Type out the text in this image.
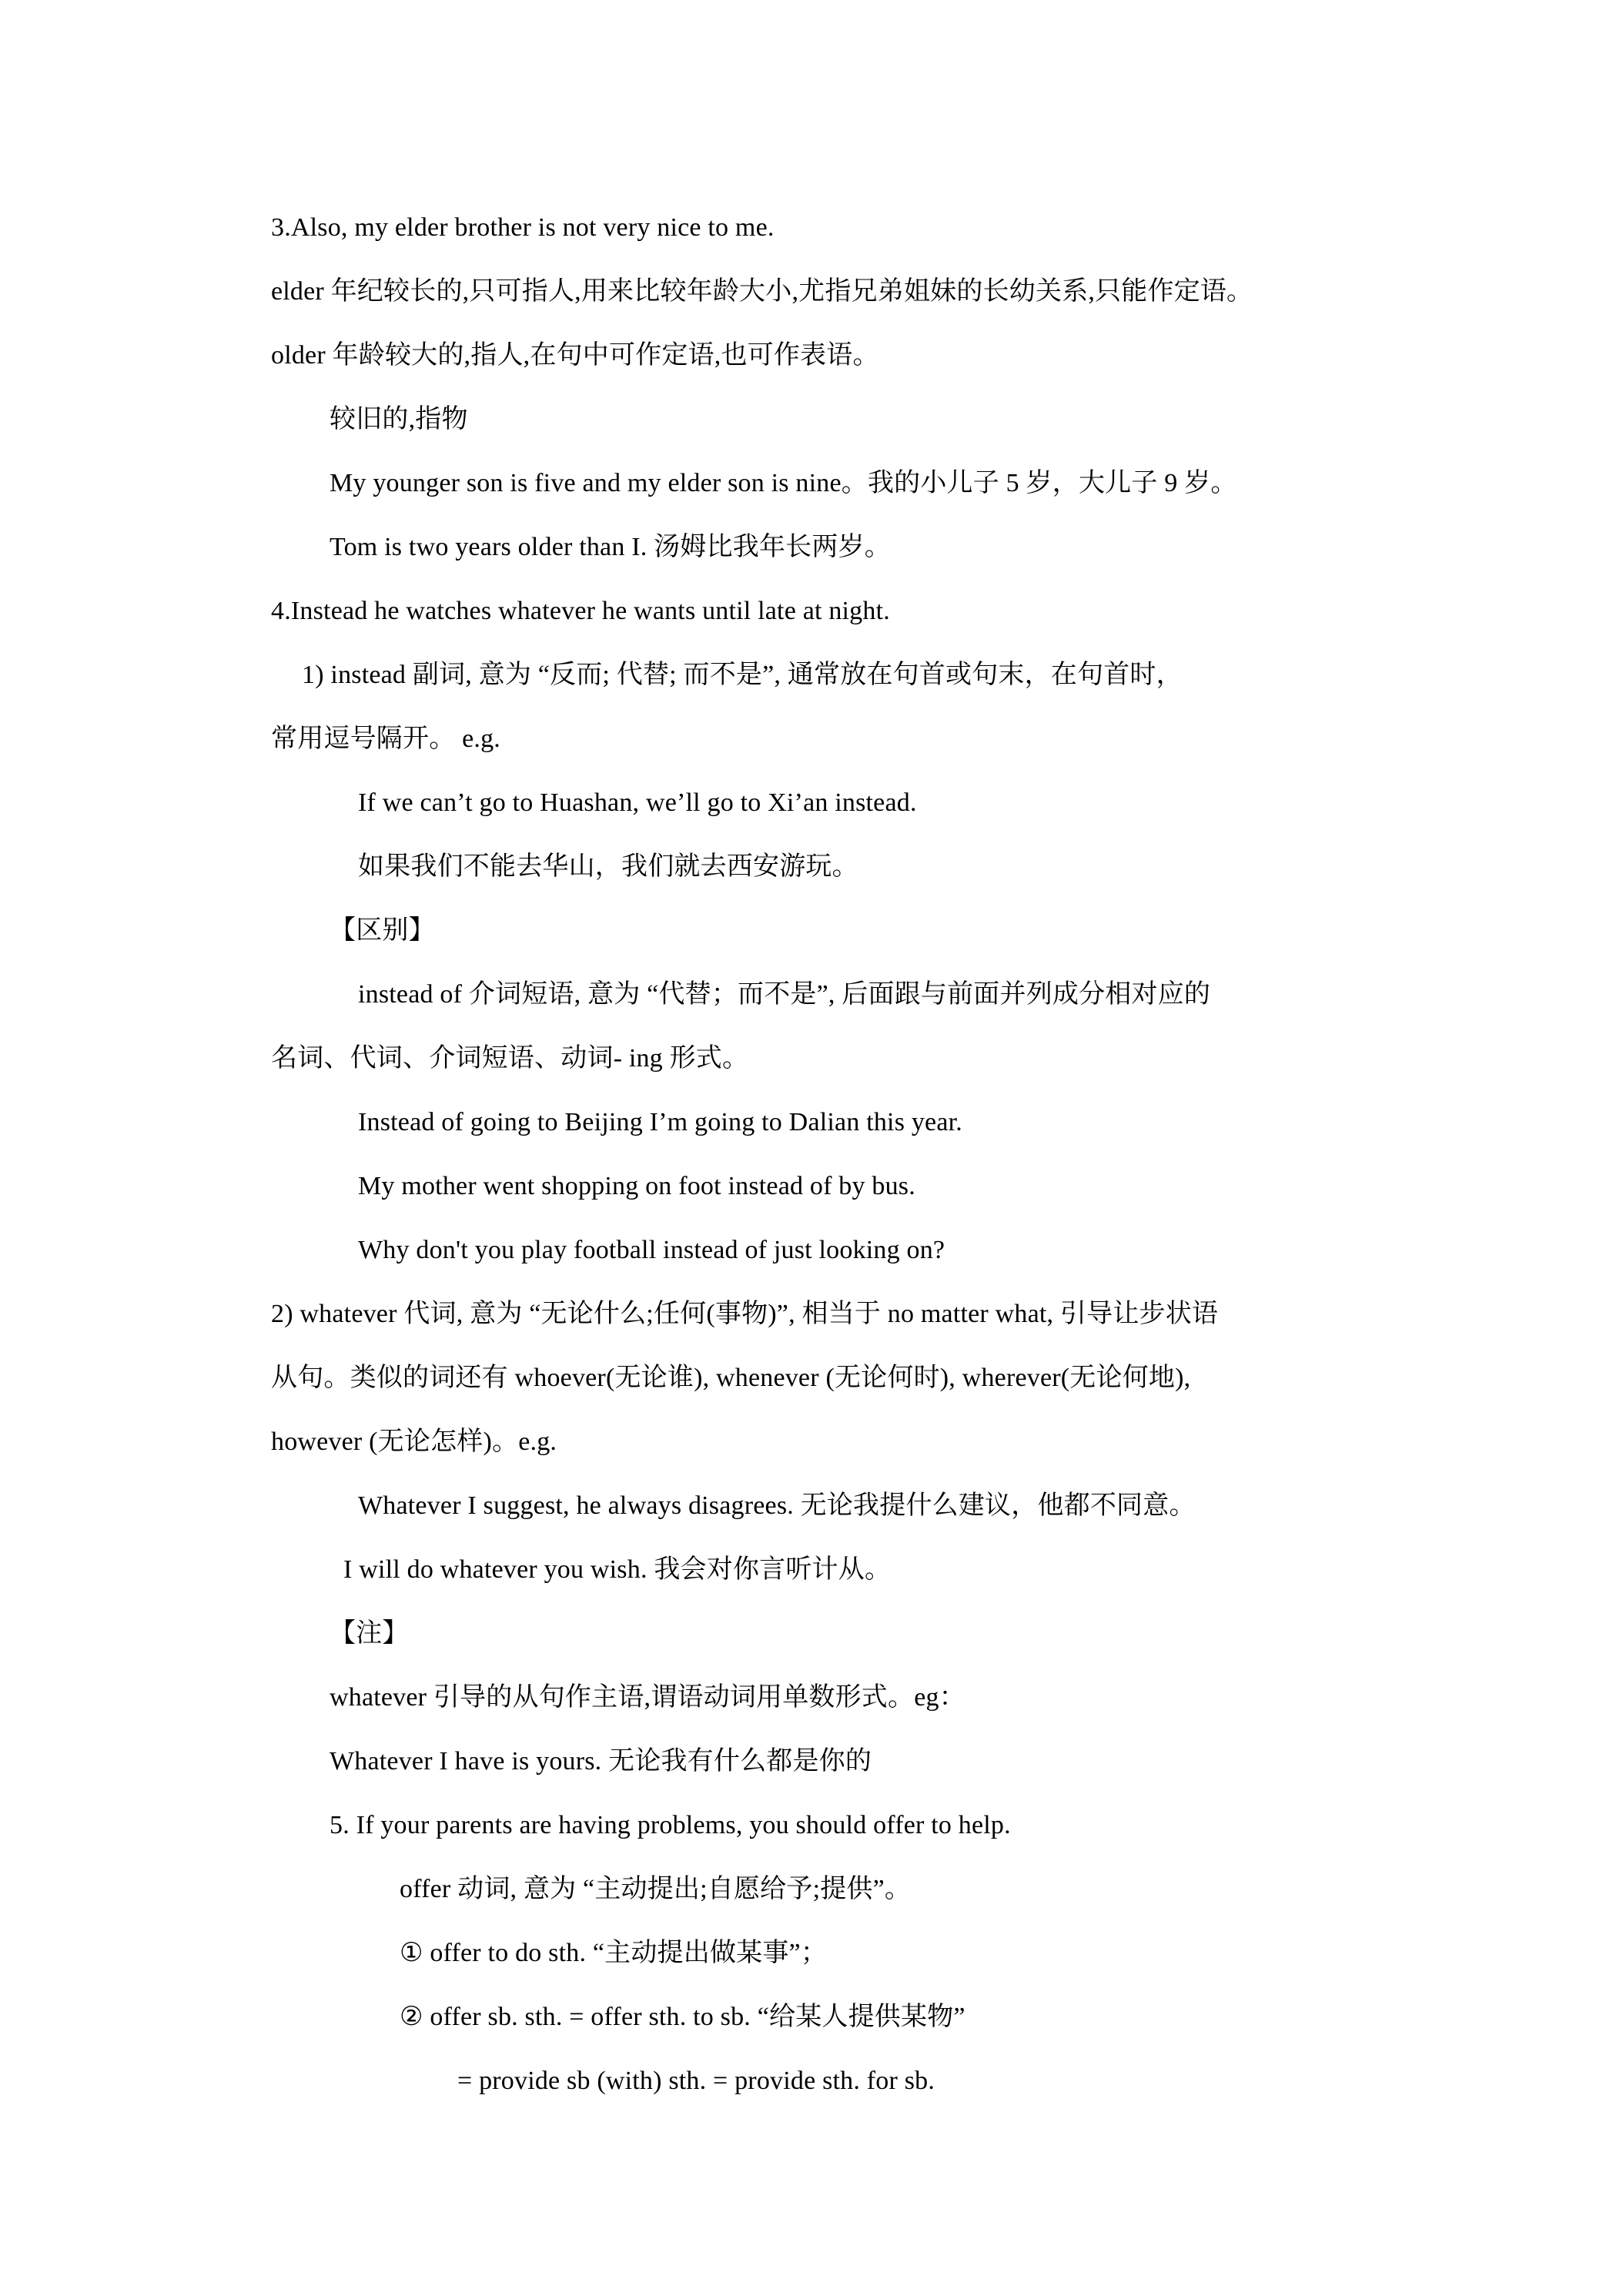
3.Also, my elder brother is not very nice to me.
elder 年纪较长的,只可指人,用来比较年龄大小,尤指兄弟姐妹的长幼关系,只能作定语。
older 年龄较大的,指人,在句中可作定语,也可作表语。
较旧的,指物
My younger son is five and my elder son is nine。我的小儿子 5 岁，大儿子 9 岁。
Tom is two years older than I. 汤姆比我年长两岁。
4.Instead he watches whatever he wants until late at night.
1) instead 副词, 意为 “反而; 代替; 而不是”, 通常放在句首或句末，在句首时，
常用逗号隔开。 e.g.
If we can’t go to Huashan, we’ll go to Xi’an instead.
如果我们不能去华山，我们就去西安游玩。
【区别】
instead of 介词短语, 意为 “代替；而不是”, 后面跟与前面并列成分相对应的
名词、代词、介词短语、动词- ing 形式。
Instead of going to Beijing I’m going to Dalian this year.
My mother went shopping on foot instead of by bus.
Why don't you play football instead of just looking on?
2) whatever 代词, 意为 “无论什么;任何(事物)”, 相当于 no matter what, 引导让步状语
从句。类似的词还有 whoever(无论谁), whenever (无论何时), wherever(无论何地),
however (无论怎样)。e.g.
Whatever I suggest, he always disagrees. 无论我提什么建议，他都不同意。
I will do whatever you wish. 我会对你言听计从。
【注】
whatever 引导的从句作主语,谓语动词用单数形式。eg：
Whatever I have is yours. 无论我有什么都是你的
5. If your parents are having problems, you should offer to help.
offer 动词, 意为 “主动提出;自愿给予;提供”。
① offer to do sth. “主动提出做某事”；
② offer sb. sth. = offer sth. to sb. “给某人提供某物”
= provide sb (with) sth. = provide sth. for sb.
